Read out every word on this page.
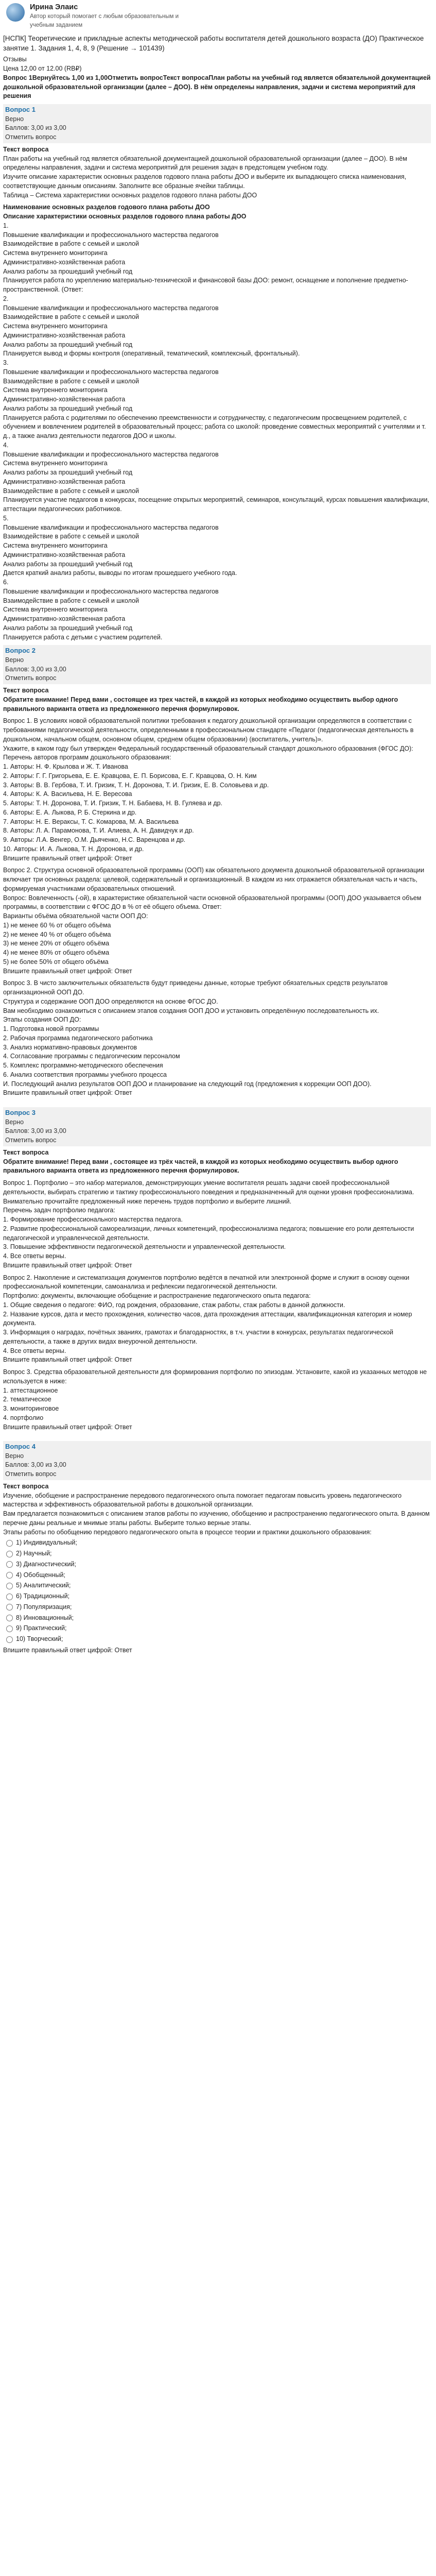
Ирина Элаис
Автор который помогает с любым образовательным и
учебным заданием
[НСПК] Теоретические и прикладные аспекты методической работы воспитателя детей дошкольного возраста (ДО) Практическое занятие 1. Задания 1, 4, 8, 9 (Решение → 101439)

Отзывы

Цена 12,00 от 12.00 (RB₽)

Вопрос 1Вернуйтесь 1,00 из 1,00Отметить вопросТекст вопросаПлан работы на учебный год является обязательной документацией дошкольной образовательной организации (далее – ДОО). В нём определены направления, задачи и система мероприятий для решения

Вопрос 1
Верно
Баллов: 3,00 из 3,00
Отметить вопрос

Текст вопроса

План работы на учебный год является обязательной документацией дошкольной образовательной организации (далее – ДОО). В нём определены направления, задачи и система мероприятий для решения задач в предстоящем учебном году.

Изучите описание характеристик основных разделов годового плана работы ДОО и выберите их выпадающего списка наименования, соответствующие данным описаниям. Заполните все образные ячейки таблицы.

Таблица – Система характеристики основных разделов годового плана работы ДОО

Наименование основных разделов годового плана работы ДОО

Описание характеристики основных разделов годового плана работы ДОО

1.

Повышение квалификации и профессионального мастерства педагогов

Взаимодействие в работе с семьей и школой

Система внутреннего мониторинга

Административно-хозяйственная работа

Анализ работы за прошедший учебный год

Планируется работа по укреплению материально-технической и финансовой базы ДОО: ремонт, оснащение и пополнение предметно-пространственной. (Ответ:

2.

Повышение квалификации и профессионального мастерства педагогов

Взаимодействие в работе с семьей и школой

Система внутреннего мониторинга

Административно-хозяйственная работа

Анализ работы за прошедший учебный год

Планируется вывод и формы контроля (оперативный, тематический, комплексный, фронтальный).

3.

Повышение квалификации и профессионального мастерства педагогов

Взаимодействие в работе с семьей и школой

Система внутреннего мониторинга

Административно-хозяйственная работа

Анализ работы за прошедший учебный год

Планируется работа с родителями по обеспечению преемственности и сотрудничеству, с педагогическим просвещением родителей, с обучением и вовлечением родителей в образовательный процесс; работа со школой: проведение совместных мероприятий с учителями и т. д., а также анализ деятельности педагогов ДОО и школы.

4.

Повышение квалификации и профессионального мастерства педагогов

Система внутреннего мониторинга

Анализ работы за прошедший учебный год

Административно-хозяйственная работа

Взаимодействие в работе с семьей и школой

Планируется участие педагогов в конкурсах, посещение открытых мероприятий, семинаров, консультаций, курсах повышения квалификации, аттестации педагогических работников.

5.

Повышение квалификации и профессионального мастерства педагогов

Взаимодействие в работе с семьей и школой

Система внутреннего мониторинга

Административно-хозяйственная работа

Анализ работы за прошедший учебный год

Дается краткий анализ работы, выводы по итогам прошедшего учебного года.

6.

Повышение квалификации и профессионального мастерства педагогов

Взаимодействие в работе с семьей и школой

Система внутреннего мониторинга

Административно-хозяйственная работа

Анализ работы за прошедший учебный год

Планируется работа с детьми с участием родителей.

Вопрос 2
Верно
Баллов: 3,00 из 3,00
Отметить вопрос

Текст вопроса

Обратите внимание! Перед вами , состоящее из трех частей, в каждой из которых необходимо осуществить выбор одного правильного варианта ответа из предложенного перечня формулировок.

Вопрос 1. В условиях новой образовательной политики требования к педагогу дошкольной организации определяются в соответствии с требованиями педагогической деятельности, определенными в профессиональном стандарте «Педагог (педагогическая деятельность в дошкольном, начальном общем, основном общем, среднем общем образовании) (воспитатель, учитель)».

Укажите, в каком году был утвержден Федеральный государственный образовательный стандарт дошкольного образования (ФГОС ДО):

Перечень авторов программ дошкольного образования:

1. Авторы: Н. Ф. Крылова и Ж. Т. Иванова

2. Авторы: Г. Г. Григорьева, Е. Е. Кравцова, Е. П. Борисова, Е. Г. Кравцова, О. Н. Ким

3. Авторы: В. В. Гербова, Т. И. Гризик, Т. Н. Доронова, Т. И. Гризик, Е. В. Соловьева и др.

4. Авторы: К. А. Васильева, Н. Е. Вересова

5. Авторы: Т. Н. Доронова, Т. И. Гризик, Т. Н. Бабаева, Н. В. Гуляева и др.

6. Авторы: Е. А. Лыкова, Р. Б. Стеркина и др.

7. Авторы: Н. Е. Вераксы, Т. С. Комарова, М. А. Васильева

8. Авторы: Л. А. Парамонова, Т. И. Алиева, А. Н. Давидчук и др.

9. Авторы: Л.А. Венгер, О.М. Дьяченко, Н.С. Варенцова и др.

10. Авторы: И. А. Лыкова, Т. Н. Доронова, и др.

Впишите правильный ответ цифрой: Ответ

Вопрос 2. Структура основной образовательной программы (ООП) как обязательного документа дошкольной образовательной организации включает три основных раздела: целевой, содержательный и организационный. В каждом из них отражается обязательная часть и часть, формируемая участниками образовательных отношений.

Вопрос: Вовлеченность (-ой), в характеристике обязательной части основной образовательной программы (ООП) ДОО указывается объем программы, в соответствии с ФГОС ДО в % от её общего объема. Ответ:

Варианты объёма обязательной части ООП ДО:

1) не менее 60 % от общего объёма

2) не менее 40 % от общего объёма

3) не менее 20% от общего объёма

4) не менее 80% от общего объёма

5) не более 50% от общего объёма

Впишите правильный ответ цифрой: Ответ

Вопрос 3. В чисто заключительных обязательств будут приведены данные, которые требуют обязательных средств результатов организационной ООП ДО.

Структура и содержание ООП ДОО определяются на основе ФГОС ДО.

Вам необходимо ознакомиться с описанием этапов создания ООП ДОО и установить определённую последовательность их.

Этапы создания ООП ДО:

1. Подготовка новой программы

2. Рабочая программа педагогического работника

3. Анализ нормативно-правовых документов

4. Согласование программы с педагогическим персоналом

5. Комплекс программно-методического обеспечения

6. Анализ соответствия программы учебного процесса

И. Последующий анализ результатов ООП ДОО и планирование на следующий год (предложения к коррекции ООП ДОО).

Впишите правильный ответ цифрой: Ответ

Вопрос 3
Верно
Баллов: 3,00 из 3,00
Отметить вопрос

Текст вопроса

Обратите внимание! Перед вами , состоящее из трёх частей, в каждой из которых необходимо осуществить выбор одного правильного варианта ответа из предложенного перечня формулировок.

Вопрос 1. Портфолио – это набор материалов, демонстрирующих умение воспитателя решать задачи своей профессиональной деятельности, выбирать стратегию и тактику профессионального поведения и предназначенный для оценки уровня профессионализма.

Внимательно прочитайте предложенный ниже перечень трудов портфолио и выберите лишний.

Перечень задач портфолио педагога:

1. Формирование профессионального мастерства педагога.

2. Развитие профессиональной самореализации, личных компетенций, профессионализма педагога; повышение его роли деятельности педагогической и управленческой деятельности.

3. Повышение эффективности педагогической деятельности и управленческой деятельности.

4. Все ответы верны.

Впишите правильный ответ цифрой: Ответ

Вопрос 2. Накопление и систематизация документов портфолио ведётся в печатной или электронной форме и служит в основу оценки профессиональной компетенции, самоанализа и рефлексии педагогической деятельности.

Портфолио: документы, включающие обобщение и распространение педагогического опыта педагога:

1. Общие сведения о педагоге: ФИО, год рождения, образование, стаж работы, стаж работы в данной должности.

2. Название курсов, дата и место прохождения, количество часов, дата прохождения аттестации, квалификационная категория и номер документа.

3. Информация о наградах, почётных званиях, грамотах и благодарностях, в т.ч. участии в конкурсах, результатах педагогической деятельности, а также в других видах внеурочной деятельности.

4. Все ответы верны.

Впишите правильный ответ цифрой: Ответ

Вопрос 3. Средства образовательной деятельности для формирования портфолио по эпизодам. Установите, какой из указанных методов не используется в ниже:

1. аттестационное

2. тематическое

3. мониторинговое

4. портфолио

Впишите правильный ответ цифрой: Ответ

Вопрос 4
Верно
Баллов: 3,00 из 3,00
Отметить вопрос

Текст вопроса

Изучение, обобщение и распространение передового педагогического опыта помогает педагогам повысить уровень педагогического мастерства и эффективность образовательной работы в дошкольной организации.

Вам предлагается познакомиться с описанием этапов работы по изучению, обобщению и распространению педагогического опыта. В данном перечне даны реальные и мнимые этапы работы. Выберите только верные этапы.

Этапы работы по обобщению передового педагогического опыта в процессе теории и практики дошкольного образования:

1) Индивидуальный;
2) Научный;
3) Диагностический;
4) Обобщенный;
5) Аналитический;
6) Традиционный;
7) Популяризация;
8) Инновационный;
9) Практический;
10) Творческий;

Впишите правильный ответ цифрой: Ответ
